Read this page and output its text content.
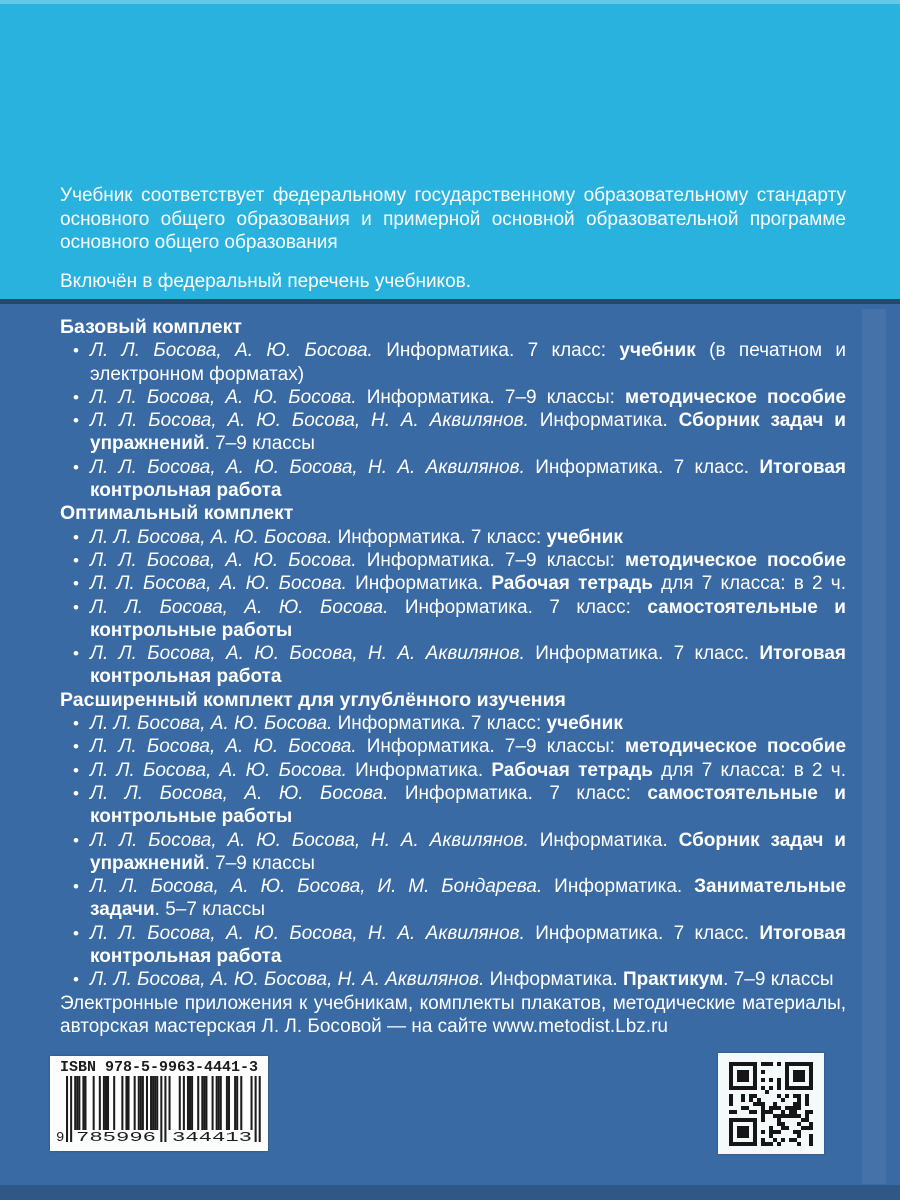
Учебник соответствует федеральному государственному образовательному стандарту основного общего образования и примерной основной образовательной программе основного общего образования

Включён в федеральный перечень учебников.

Базовый комплект
• Л. Л. Босова, А. Ю. Босова. Информатика. 7 класс: учебник (в печатном и электронном форматах)
• Л. Л. Босова, А. Ю. Босова. Информатика. 7–9 классы: методическое пособие
• Л. Л. Босова, А. Ю. Босова, Н. А. Аквилянов. Информатика. Сборник задач и упражнений. 7–9 классы
• Л. Л. Босова, А. Ю. Босова, Н. А. Аквилянов. Информатика. 7 класс. Итоговая контрольная работа
Оптимальный комплект
• Л. Л. Босова, А. Ю. Босова. Информатика. 7 класс: учебник
• Л. Л. Босова, А. Ю. Босова. Информатика. 7–9 классы: методическое пособие
• Л. Л. Босова, А. Ю. Босова. Информатика. Рабочая тетрадь для 7 класса: в 2 ч.
• Л. Л. Босова, А. Ю. Босова. Информатика. 7 класс: самостоятельные и контрольные работы
• Л. Л. Босова, А. Ю. Босова, Н. А. Аквилянов. Информатика. 7 класс. Итоговая контрольная работа
Расширенный комплект для углублённого изучения
• Л. Л. Босова, А. Ю. Босова. Информатика. 7 класс: учебник
• Л. Л. Босова, А. Ю. Босова. Информатика. 7–9 классы: методическое пособие
• Л. Л. Босова, А. Ю. Босова. Информатика. Рабочая тетрадь для 7 класса: в 2 ч.
• Л. Л. Босова, А. Ю. Босова. Информатика. 7 класс: самостоятельные и контрольные работы
• Л. Л. Босова, А. Ю. Босова, Н. А. Аквилянов. Информатика. Сборник задач и упражнений. 7–9 классы
• Л. Л. Босова, А. Ю. Босова, И. М. Бондарева. Информатика. Занимательные задачи. 5–7 классы
• Л. Л. Босова, А. Ю. Босова, Н. А. Аквилянов. Информатика. 7 класс. Итоговая контрольная работа
• Л. Л. Босова, А. Ю. Босова, Н. А. Аквилянов. Информатика. Практикум. 7–9 классы

Электронные приложения к учебникам, комплекты плакатов, методические материалы, авторская мастерская Л. Л. Босовой — на сайте www.metodist.Lbz.ru

ISBN 978-5-9963-4441-3
9 785996 344413
